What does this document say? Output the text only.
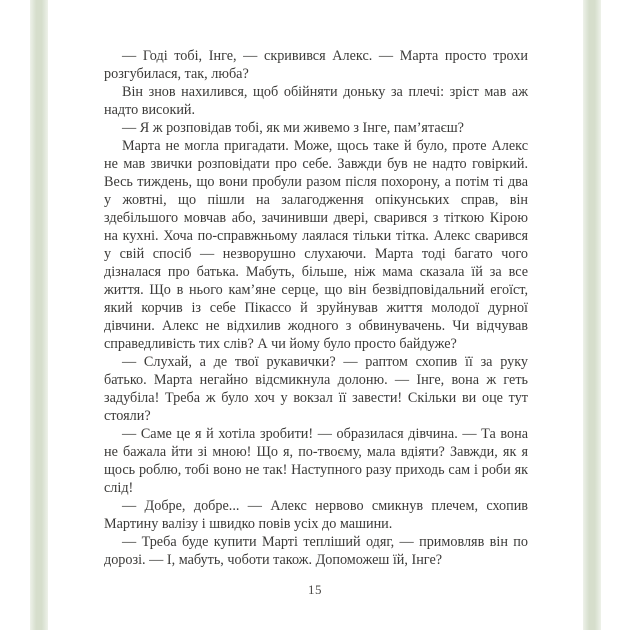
— Годі тобі, Інге, — скривився Алекс. — Марта просто трохи розгубилася, так, люба?

Він знов нахилився, щоб обійняти доньку за плечі: зріст мав аж надто високий.

— Я ж розповідав тобі, як ми живемо з Інге, пам’ятаєш?

Марта не могла пригадати. Може, щось таке й було, проте Алекс не мав звички розповідати про себе. Завжди був не надто говіркий. Весь тиждень, що вони пробули разом після похорону, а потім ті два у жовтні, що пішли на залагодження опікунських справ, він здебільшого мовчав або, зачинивши двері, сварився з тіткою Кірою на кухні. Хоча по-справжньому лаялася тільки тітка. Алекс сварився у свій спосіб — незворушно слухаючи. Марта тоді багато чого дізналася про батька. Мабуть, більше, ніж мама сказала їй за все життя. Що в нього кам’яне серце, що він безвідповідальний егоїст, який корчив із себе Пікассо й зруйнував життя молодої дурної дівчини. Алекс не відхилив жодного з обвинувачень. Чи відчував справедливість тих слів? А чи йому було просто байдуже?

— Слухай, а де твої рукавички? — раптом схопив її за руку батько. Марта негайно відсмикнула долоню. — Інге, вона ж геть задубіла! Треба ж було хоч у вокзал її завести! Скільки ви оце тут стояли?

— Саме це я й хотіла зробити! — образилася дівчина. — Та вона не бажала йти зі мною! Що я, по-твоєму, мала вдіяти? Завжди, як я щось роблю, тобі воно не так! Наступного разу приходь сам і роби як слід!

— Добре, добре... — Алекс нервово смикнув плечем, схопив Мартину валізу і швидко повів усіх до машини.

— Треба буде купити Марті тепліший одяг, — примовляв він по дорозі. — І, мабуть, чоботи також. Допоможеш їй, Інге?

15
